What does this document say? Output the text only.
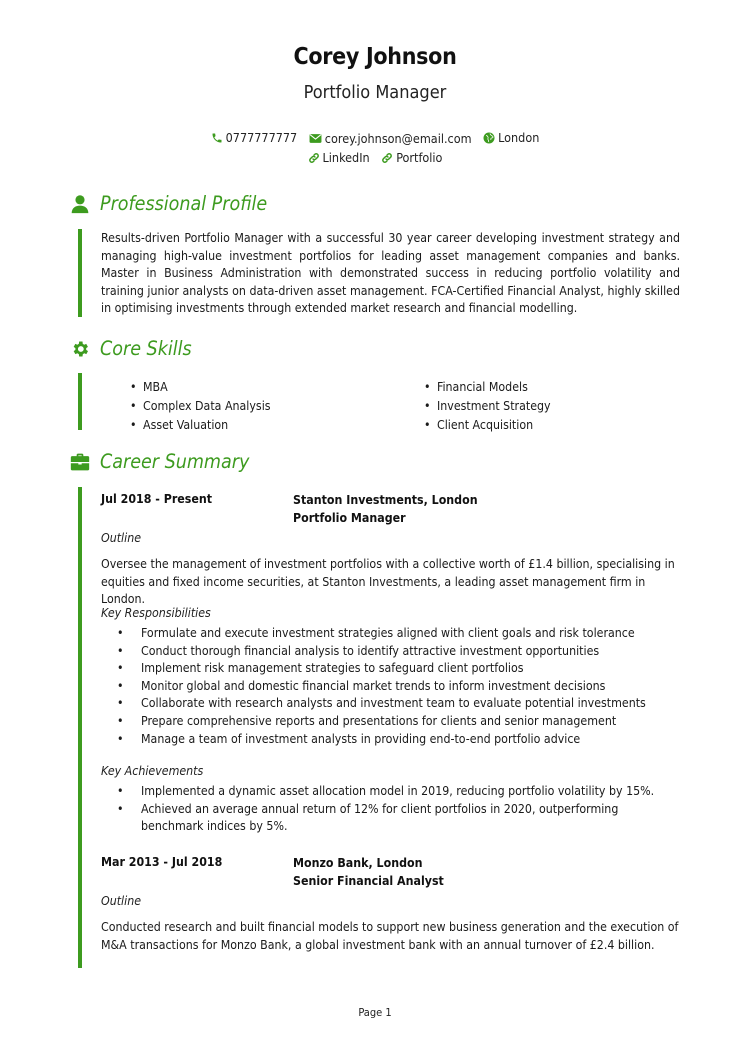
Corey Johnson
Portfolio Manager
0777777777
corey.johnson@email.com
London
LinkedIn
Portfolio
Professional Profile
Results-driven Portfolio Manager with a successful 30 year career developing investment strategy and managing high-value investment portfolios for leading asset management companies and banks. Master in Business Administration with demonstrated success in reducing portfolio volatility and training junior analysts on data-driven asset management. FCA-Certified Financial Analyst, highly skilled in optimising investments through extended market research and financial modelling.
Core Skills
• MBA
• Complex Data Analysis
• Asset Valuation
• Financial Models
• Investment Strategy
• Client Acquisition
Career Summary
Jul 2018 - Present	Stanton Investments, London
Portfolio Manager
Outline
Oversee the management of investment portfolios with a collective worth of £1.4 billion, specialising in equities and fixed income securities, at Stanton Investments, a leading asset management firm in London.
Key Responsibilities
• Formulate and execute investment strategies aligned with client goals and risk tolerance
• Conduct thorough financial analysis to identify attractive investment opportunities
• Implement risk management strategies to safeguard client portfolios
• Monitor global and domestic financial market trends to inform investment decisions
• Collaborate with research analysts and investment team to evaluate potential investments
• Prepare comprehensive reports and presentations for clients and senior management
• Manage a team of investment analysts in providing end-to-end portfolio advice
Key Achievements
• Implemented a dynamic asset allocation model in 2019, reducing portfolio volatility by 15%.
• Achieved an average annual return of 12% for client portfolios in 2020, outperforming benchmark indices by 5%.
Mar 2013 - Jul 2018	Monzo Bank, London
Senior Financial Analyst
Outline
Conducted research and built financial models to support new business generation and the execution of M&A transactions for Monzo Bank, a global investment bank with an annual turnover of £2.4 billion.
Page 1
